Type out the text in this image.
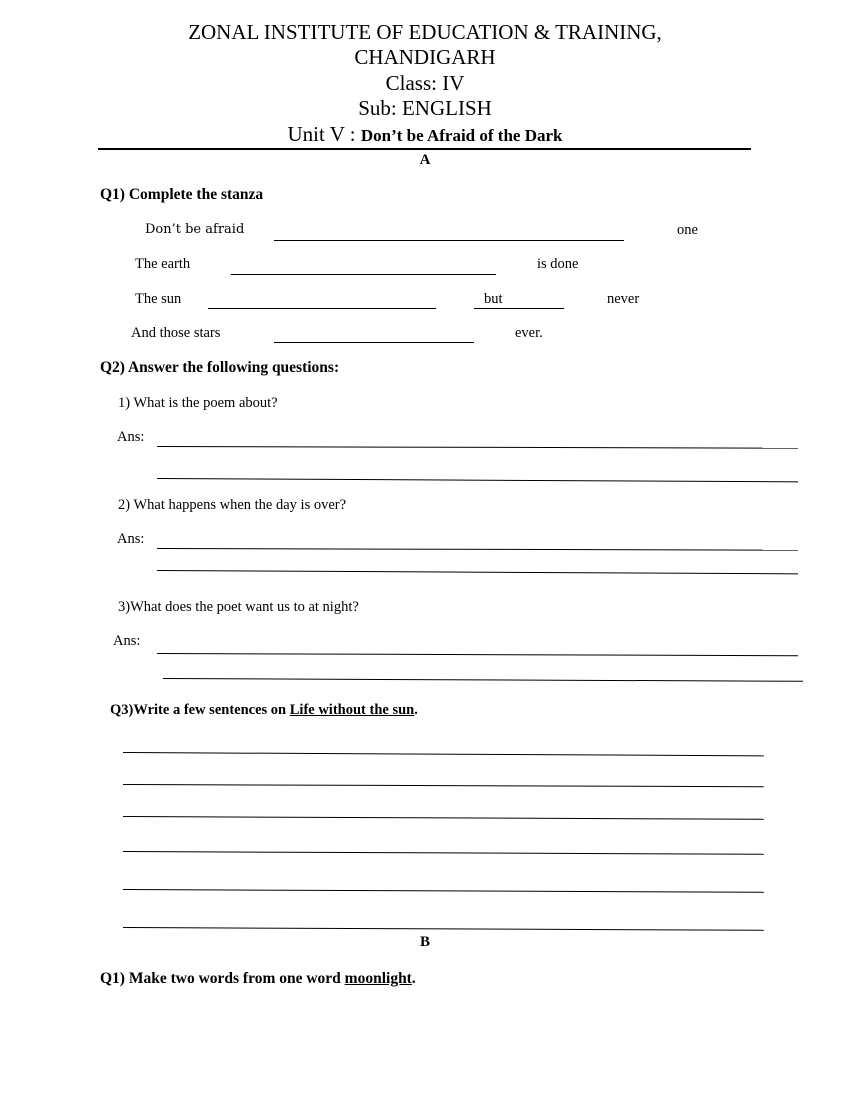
ZONAL INSTITUTE OF EDUCATION & TRAINING,
CHANDIGARH
Class: IV
Sub: ENGLISH
Unit V : Don’t be Afraid of the Dark
A
Q1) Complete the stanza
Don’t be afraid	one
The earth	is done
The sun	but	never
And those stars	ever.
Q2) Answer the following questions:
1) What is the poem about?
Ans:
2) What happens when the day is over?
Ans:
3)What does the poet want us to at night?
Ans:
Q3)Write a few sentences on Life without the sun.
B
Q1) Make two words from one word moonlight.
